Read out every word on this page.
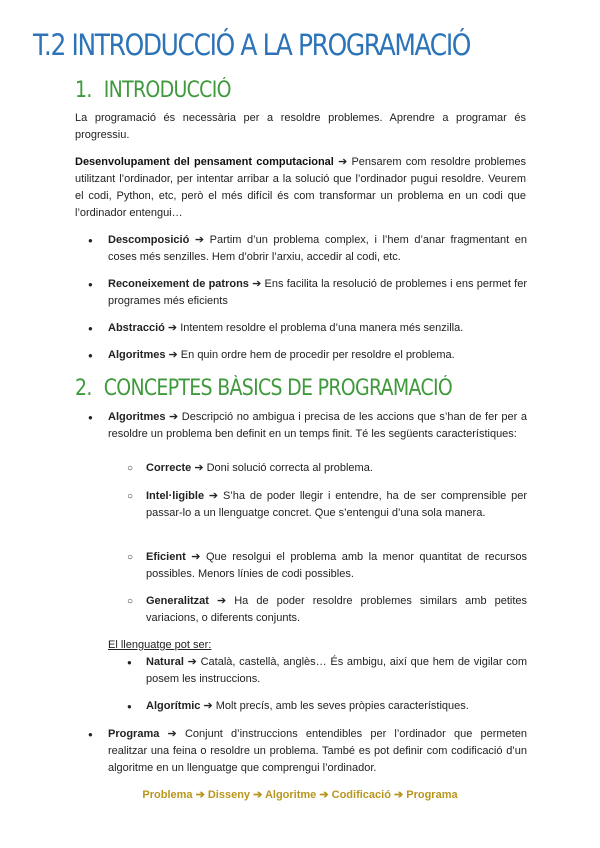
T.2 INTRODUCCIÓ A LA PROGRAMACIÓ
1. INTRODUCCIÓ
La programació és necessària per a resoldre problemes. Aprendre a programar és progressiu.
Desenvolupament del pensament computacional ➔ Pensarem com resoldre problemes utilitzant l’ordinador, per intentar arribar a la solució que l’ordinador pugui resoldre. Veurem el codi, Python, etc, però el més difícil és com transformar un problema en un codi que l’ordinador entengui…
● Descomposició ➔ Partim d’un problema complex, i l’hem d’anar fragmentant en coses més senzilles. Hem d’obrir l’arxiu, accedir al codi, etc.
● Reconeixement de patrons ➔ Ens facilita la resolució de problemes i ens permet fer programes més eficients
● Abstracció ➔ Intentem resoldre el problema d’una manera més senzilla.
● Algoritmes ➔ En quin ordre hem de procedir per resoldre el problema.
2. CONCEPTES BÀSICS DE PROGRAMACIÓ
● Algoritmes ➔ Descripció no ambigua i precisa de les accions que s’han de fer per a resoldre un problema ben definit en un temps finit. Té les següents característiques:
○ Correcte ➔ Doni solució correcta al problema.
○ Intel·ligible ➔ S’ha de poder llegir i entendre, ha de ser comprensible per passar-lo a un llenguatge concret. Que s’entengui d’una sola manera.
○ Eficient ➔ Que resolgui el problema amb la menor quantitat de recursos possibles. Menors línies de codi possibles.
○ Generalitzat ➔ Ha de poder resoldre problemes similars amb petites variacions, o diferents conjunts.
El llenguatge pot ser:
● Natural ➔ Català, castellà, anglès… És ambigu, així que hem de vigilar com posem les instruccions.
● Algorítmic ➔ Molt precís, amb les seves pròpies característiques.
● Programa ➔ Conjunt d’instruccions entendibles per l’ordinador que permeten realitzar una feina o resoldre un problema. També es pot definir com codificació d’un algoritme en un llenguatge que comprengui l’ordinador.
Problema ➔ Disseny ➔ Algoritme ➔ Codificació ➔ Programa
